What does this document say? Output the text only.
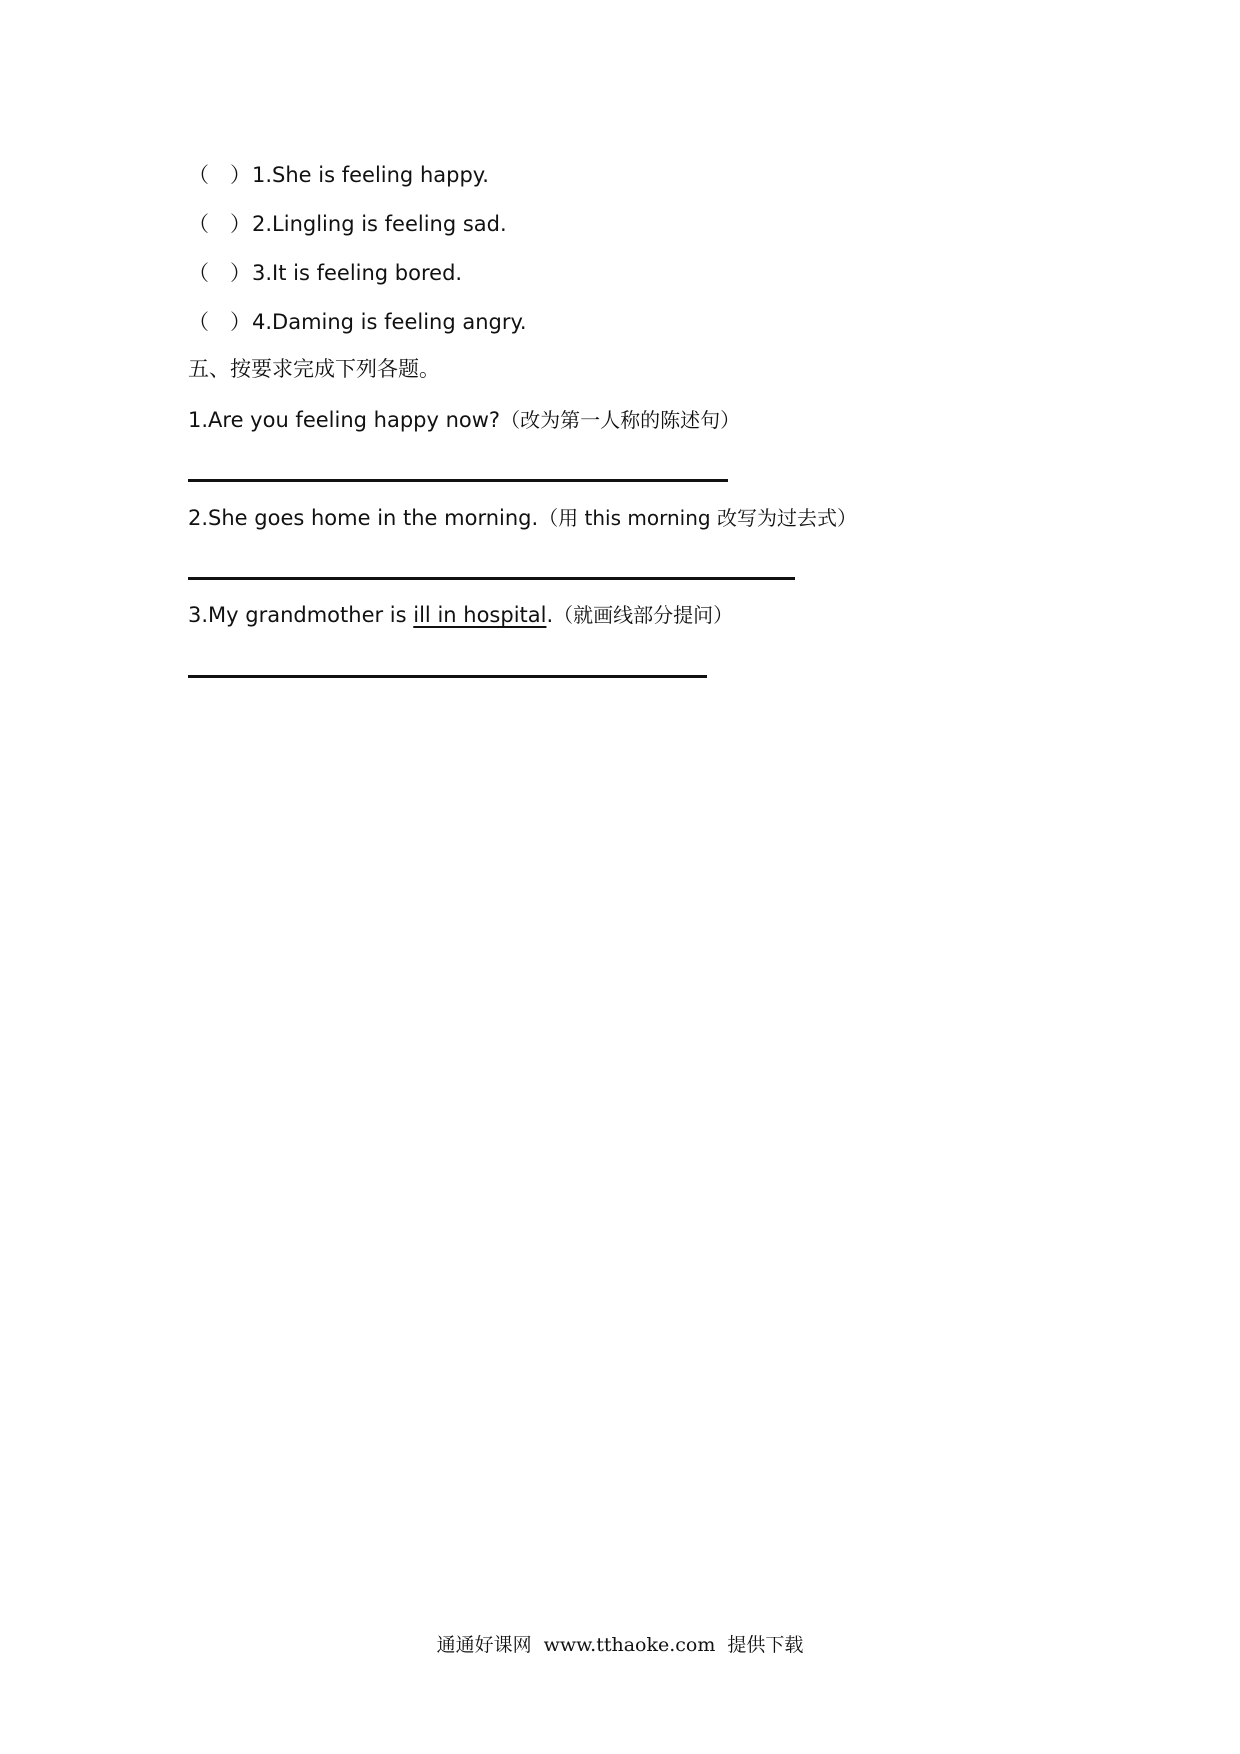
（　）1.She is feeling happy.
（　）2.Lingling is feeling sad.
（　）3.It is feeling bored.
（　）4.Daming is feeling angry.
五、按要求完成下列各题。
1.Are you feeling happy now?（改为第一人称的陈述句）
2.She goes home in the morning.（用 this morning 改写为过去式）
3.My grandmother is ill in hospital.（就画线部分提问）
通通好课网 www.tthaoke.com 提供下载
